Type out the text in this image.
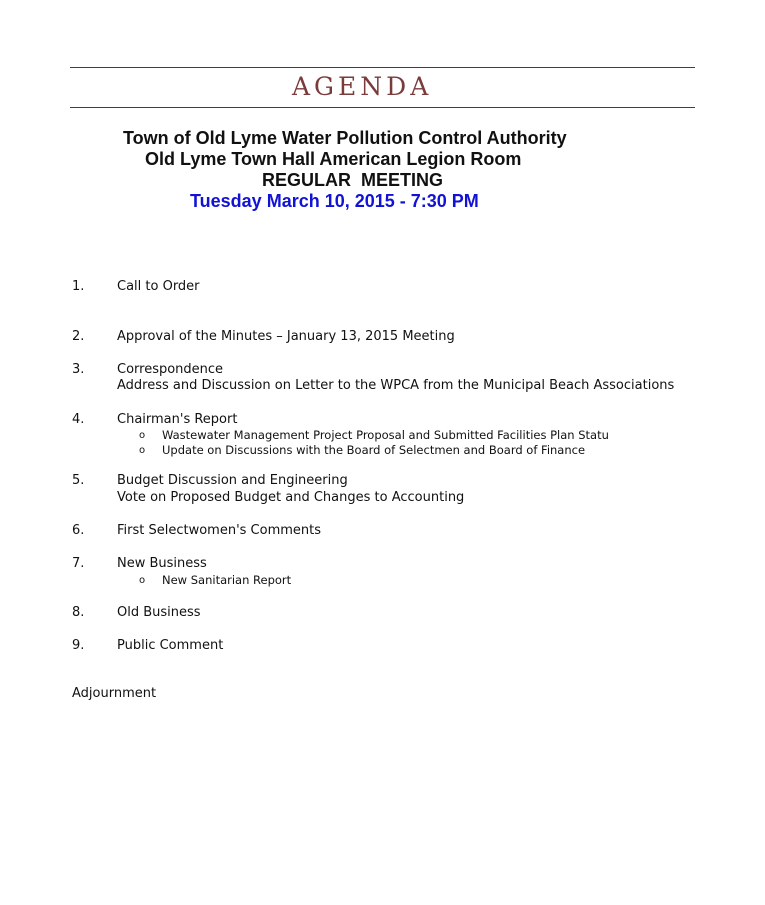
AGENDA
Town of Old Lyme Water Pollution Control Authority
Old Lyme Town Hall American Legion Room
REGULAR  MEETING
Tuesday March 10, 2015 - 7:30 PM
1.	Call to Order
2.	Approval of the Minutes – January 13, 2015 Meeting
3.	Correspondence
Address and Discussion on Letter to the WPCA from the Municipal Beach Associations
4.	Chairman's Report
o Wastewater Management Project Proposal and Submitted Facilities Plan Statu
o Update on Discussions with the Board of Selectmen and Board of Finance
5.	Budget Discussion and Engineering
Vote on Proposed Budget and Changes to Accounting
6.	First Selectwomen's Comments
7.	New Business
o New Sanitarian Report
8.	Old Business
9.	Public Comment
Adjournment
